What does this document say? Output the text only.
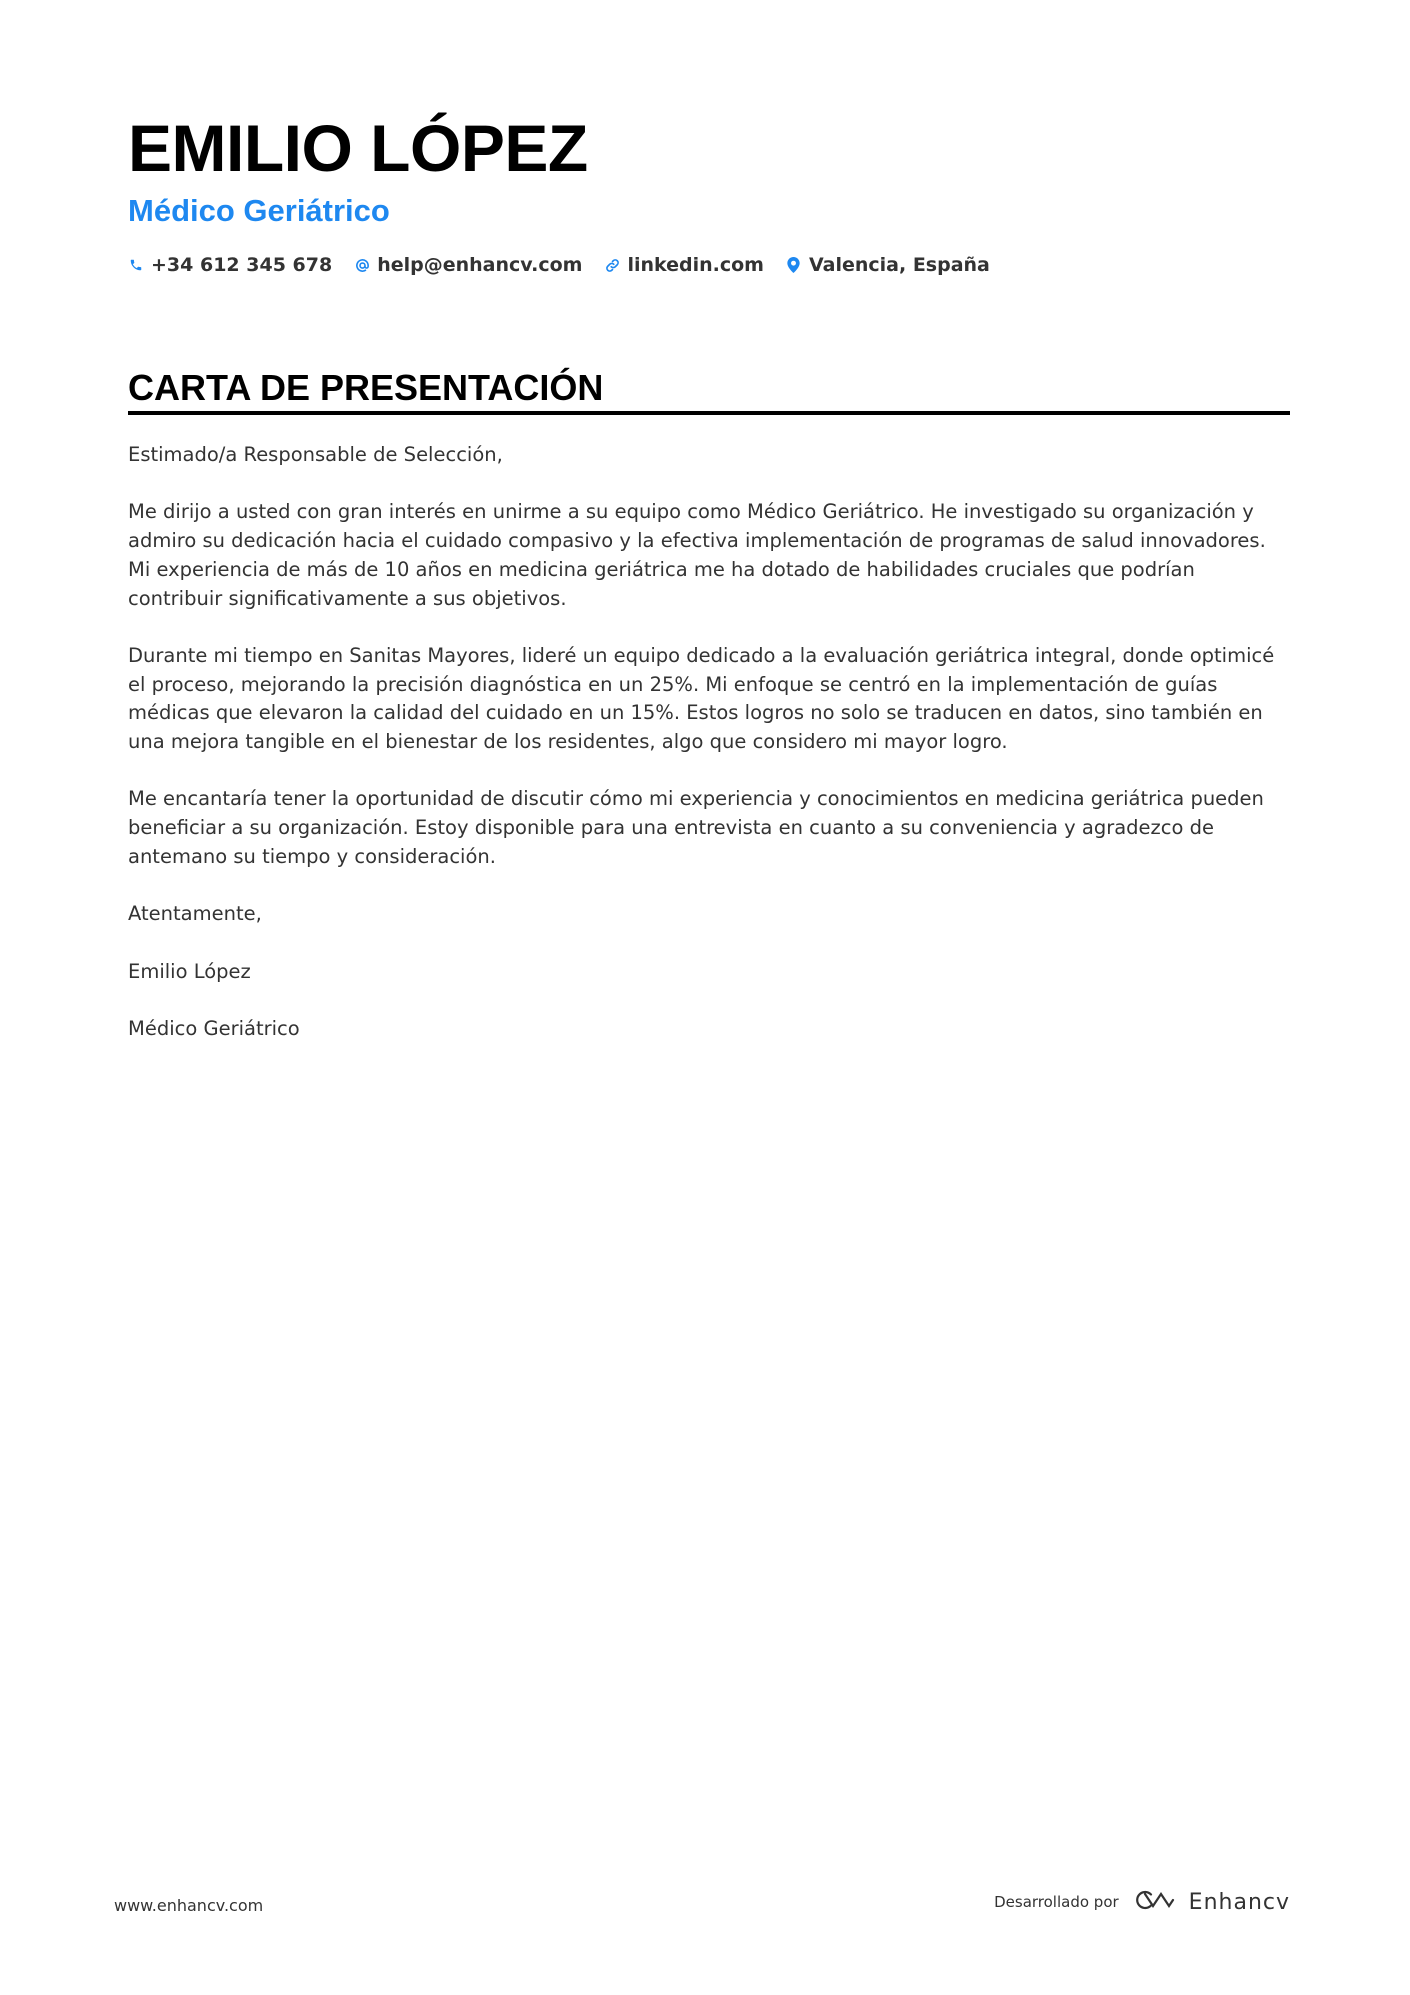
EMILIO LÓPEZ
Médico Geriátrico
+34 612 345 678 help@enhancv.com linkedin.com Valencia, España
CARTA DE PRESENTACIÓN

Estimado/a Responsable de Selección,

Me dirijo a usted con gran interés en unirme a su equipo como Médico Geriátrico. He investigado su organización y admiro su dedicación hacia el cuidado compasivo y la efectiva implementación de programas de salud innovadores. Mi experiencia de más de 10 años en medicina geriátrica me ha dotado de habilidades cruciales que podrían contribuir significativamente a sus objetivos.

Durante mi tiempo en Sanitas Mayores, lideré un equipo dedicado a la evaluación geriátrica integral, donde optimicé el proceso, mejorando la precisión diagnóstica en un 25%. Mi enfoque se centró en la implementación de guías médicas que elevaron la calidad del cuidado en un 15%. Estos logros no solo se traducen en datos, sino también en una mejora tangible en el bienestar de los residentes, algo que considero mi mayor logro.

Me encantaría tener la oportunidad de discutir cómo mi experiencia y conocimientos en medicina geriátrica pueden beneficiar a su organización. Estoy disponible para una entrevista en cuanto a su conveniencia y agradezco de antemano su tiempo y consideración.

Atentamente,

Emilio López

Médico Geriátrico

www.enhancv.com	Desarrollado por	Enhancv
